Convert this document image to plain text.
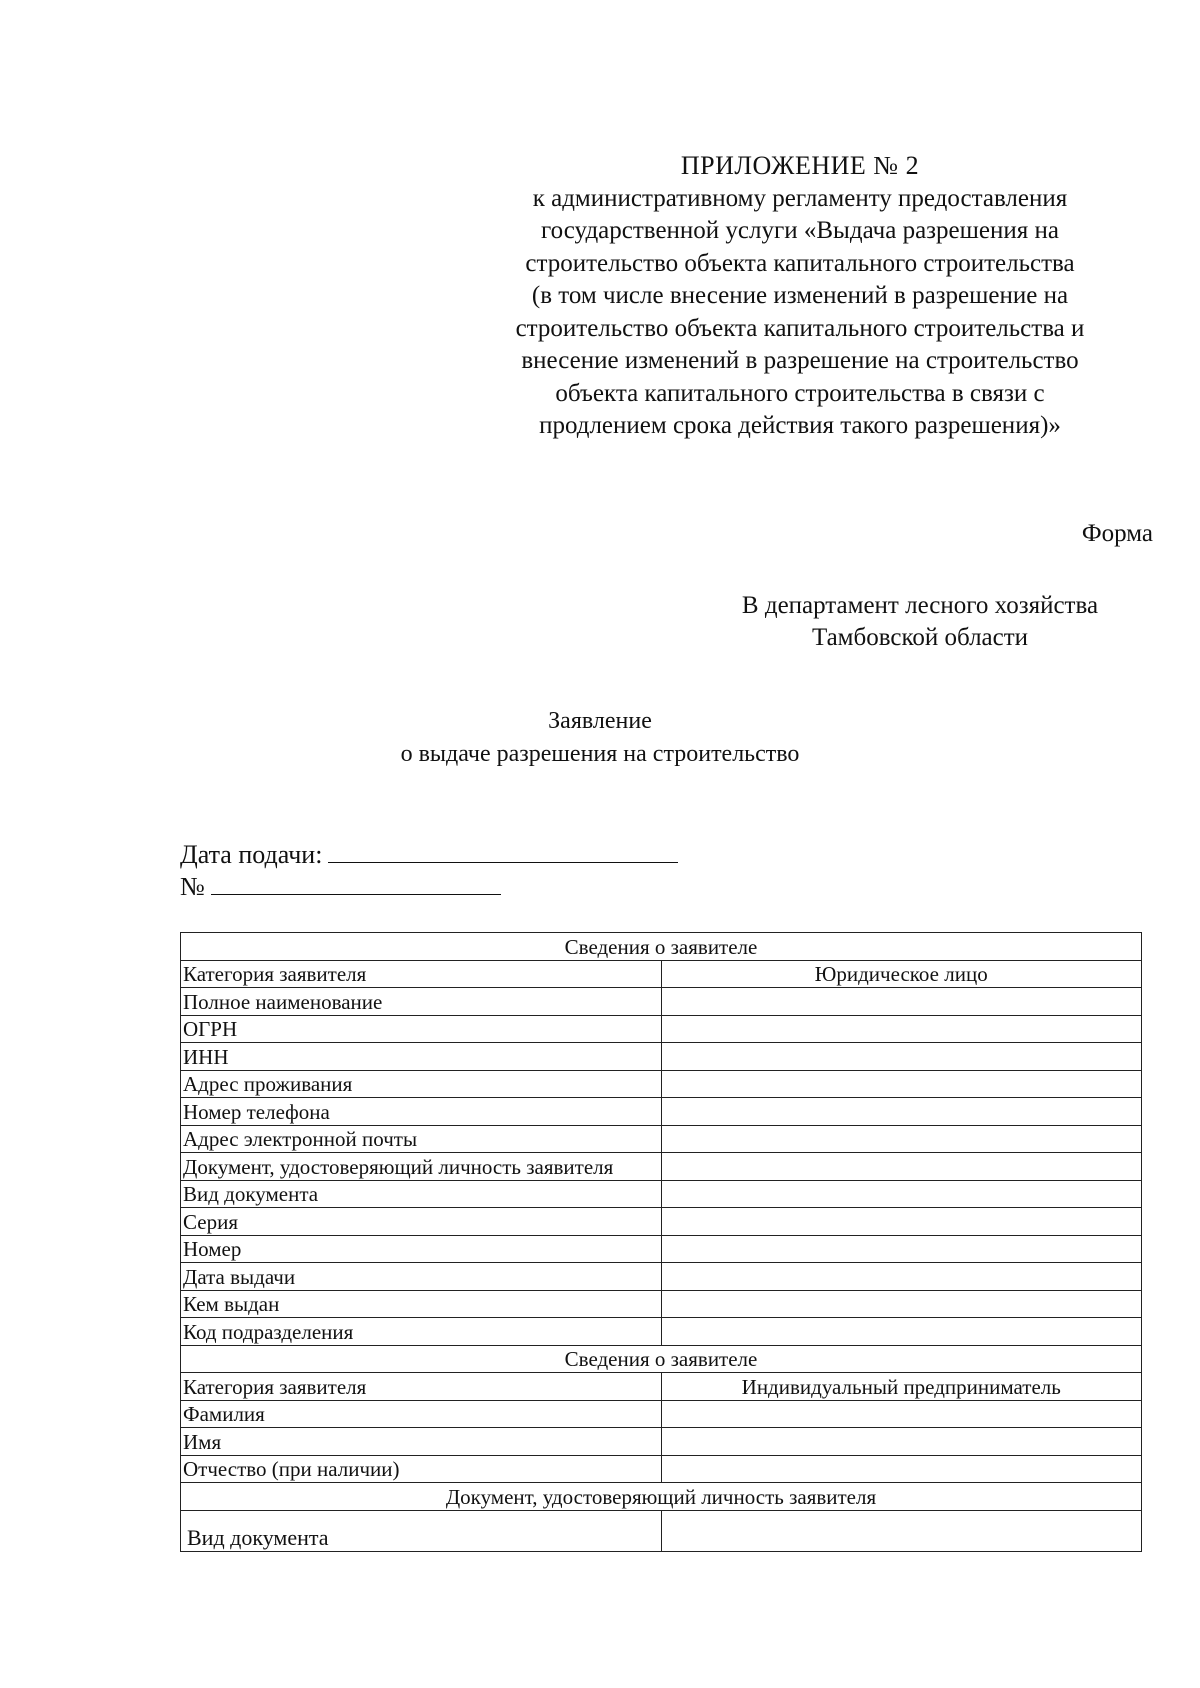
ПРИЛОЖЕНИЕ № 2
к административному регламенту предоставления
государственной услуги «Выдача разрешения на
строительство объекта капитального строительства
(в том числе внесение изменений в разрешение на
строительство объекта капитального строительства и
внесение изменений в разрешение на строительство
объекта капитального строительства в связи с
продлением срока действия такого разрешения)»
Форма
В департамент лесного хозяйства
Тамбовской области
Заявление
о выдаче разрешения на строительство
Дата подачи:
№
Сведения о заявителе	
Категория заявителя	Юридическое лицо
Полное наименование	
ОГРН	
ИНН	
Адрес проживания	
Номер телефона	
Адрес электронной почты	
Документ, удостоверяющий личность заявителя	
Вид документа	
Серия	
Номер	
Дата выдачи	
Кем выдан	
Код подразделения	
Сведения о заявителе	
Категория заявителя	Индивидуальный предприниматель
Фамилия	
Имя	
Отчество (при наличии)	
Документ, удостоверяющий личность заявителя	
Вид документа	
